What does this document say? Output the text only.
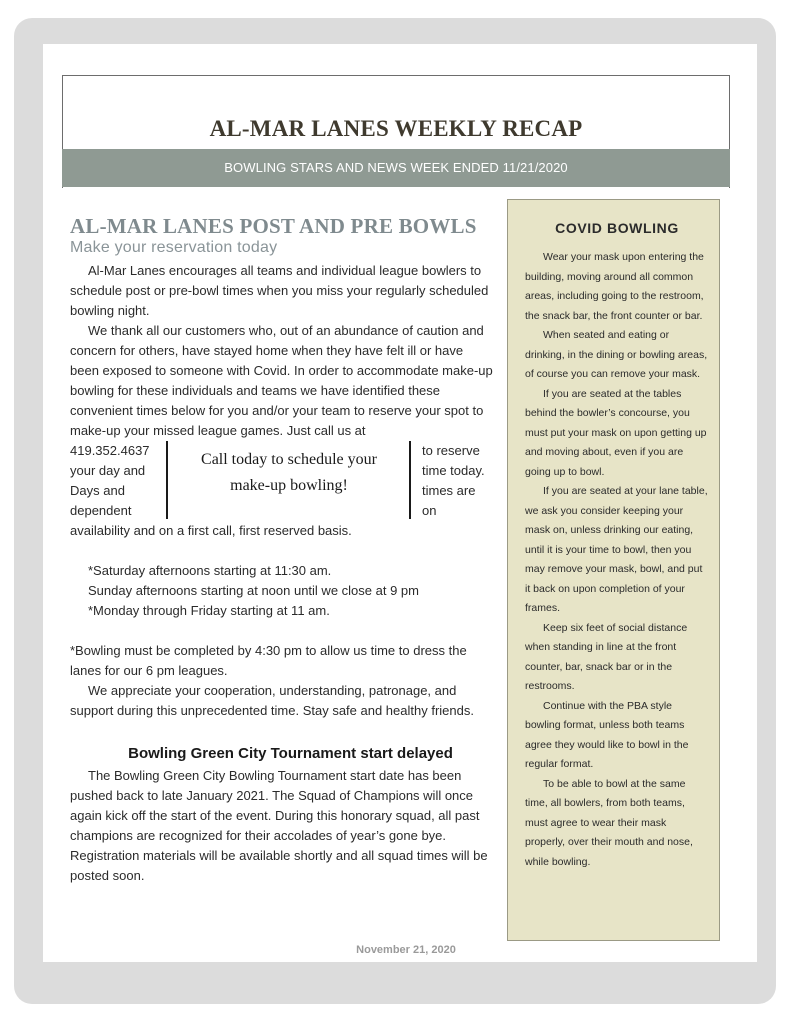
AL-MAR LANES WEEKLY RECAP
BOWLING STARS AND NEWS WEEK ENDED 11/21/2020
AL-MAR LANES POST AND PRE BOWLS
Make your reservation today

Al-Mar Lanes encourages all teams and individual league bowlers to schedule post or pre-bowl times when you miss your regularly scheduled bowling night.

We thank all our customers who, out of an abundance of caution and concern for others, have stayed home when they have felt ill or have been exposed to someone with Covid. In order to accommodate make-up bowling for these individuals and teams we have identified these convenient times below for you and/or your team to reserve your spot to make-up your missed league games. Just call us at

419.352.4637
your day and
Days and
dependent
Call today to schedule your
make-up bowling!
to reserve
time today.
times are
on

availability and on a first call, first reserved basis.

*Saturday afternoons starting at 11:30 am.

Sunday afternoons starting at noon until we close at 9 pm

*Monday through Friday starting at 11 am.

*Bowling must be completed by 4:30 pm to allow us time to dress the lanes for our 6 pm leagues.

We appreciate your cooperation, understanding, patronage, and support during this unprecedented time. Stay safe and healthy friends.

Bowling Green City Tournament start delayed

The Bowling Green City Bowling Tournament start date has been pushed back to late January 2021. The Squad of Champions will once again kick off the start of the event. During this honorary squad, all past champions are recognized for their accolades of year’s gone bye. Registration materials will be available shortly and all squad times will be posted soon.

COVID BOWLING

Wear your mask upon entering the building, moving around all common areas, including going to the restroom, the snack bar, the front counter or bar.

When seated and eating or drinking, in the dining or bowling areas, of course you can remove your mask.

If you are seated at the tables behind the bowler’s concourse, you must put your mask on upon getting up and moving about, even if you are going up to bowl.

If you are seated at your lane table, we ask you consider keeping your mask on, unless drinking our eating, until it is your time to bowl, then you may remove your mask, bowl, and put it back on upon completion of your frames.

Keep six feet of social distance when standing in line at the front counter, bar, snack bar or in the restrooms.

Continue with the PBA style bowling format, unless both teams agree they would like to bowl in the regular format.

To be able to bowl at the same time, all bowlers, from both teams, must agree to wear their mask properly, over their mouth and nose, while bowling.

November 21, 2020
